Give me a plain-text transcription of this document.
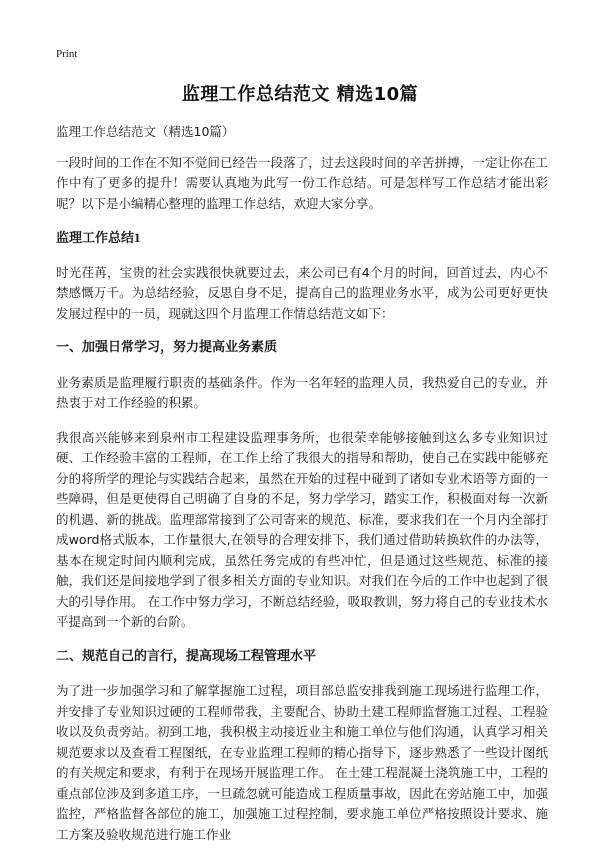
Print
监理工作总结范文 精选10篇
监理工作总结范文（精选10篇）

一段时间的工作在不知不觉间已经告一段落了，过去这段时间的辛苦拼搏，一定让你在工作中有了更多的提升！需要认真地为此写一份工作总结。可是怎样写工作总结才能出彩呢？以下是小编精心整理的监理工作总结，欢迎大家分享。

监理工作总结1

时光荏苒，宝贵的社会实践很快就要过去，来公司已有4个月的时间，回首过去，内心不禁感慨万千。为总结经验，反思自身不足，提高自己的监理业务水平，成为公司更好更快发展过程中的一员，现就这四个月监理工作情总结范文如下：

一、加强日常学习，努力提高业务素质

业务素质是监理履行职责的基础条件。作为一名年轻的监理人员，我热爱自己的专业，并热衷于对工作经验的积累。

我很高兴能够来到泉州市工程建设监理事务所，也很荣幸能够接触到这么多专业知识过硬、工作经验丰富的工程师，在工作上给了我很大的指导和帮助，使自己在实践中能够充分的将所学的理论与实践结合起来，虽然在开始的过程中碰到了诸如专业术语等方面的一些障碍，但是更使得自己明确了自身的不足，努力学学习，踏实工作，积极面对每一次新的机遇、新的挑战。监理部常接到了公司寄来的规范、标准，要求我们在一个月内全部打成word格式版本，工作量很大,在领导的合理安排下，我们通过借助转换软件的办法等，基本在规定时间内顺利完成，虽然任务完成的有些冲忙，但是通过这些规范、标准的接触，我们还是间接地学到了很多相关方面的专业知识。对我们在今后的工作中也起到了很大的引导作用。 在工作中努力学习，不断总结经验，吸取教训，努力将自己的专业技术水平提高到一个新的台阶。

二、规范自己的言行，提高现场工程管理水平

为了进一步加强学习和了解掌握施工过程，项目部总监安排我到施工现场进行监理工作，并安排了专业知识过硬的工程师带我，主要配合、协助土建工程师监督施工过程、工程验收以及负责旁站。初到工地，我积极主动接近业主和施工单位与他们沟通，认真学习相关规范要求以及查看工程图纸，在专业监理工程师的精心指导下，逐步熟悉了一些设计图纸的有关规定和要求，有利于在现场开展监理工作。 在土建工程混凝土浇筑施工中，工程的重点部位涉及到多道工序，一旦疏忽就可能造成工程质量事故，因此在旁站施工中，加强监控，严格监督各部位的施工，加强施工过程控制，要求施工单位严格按照设计要求、施工方案及验收规范进行施工作业
